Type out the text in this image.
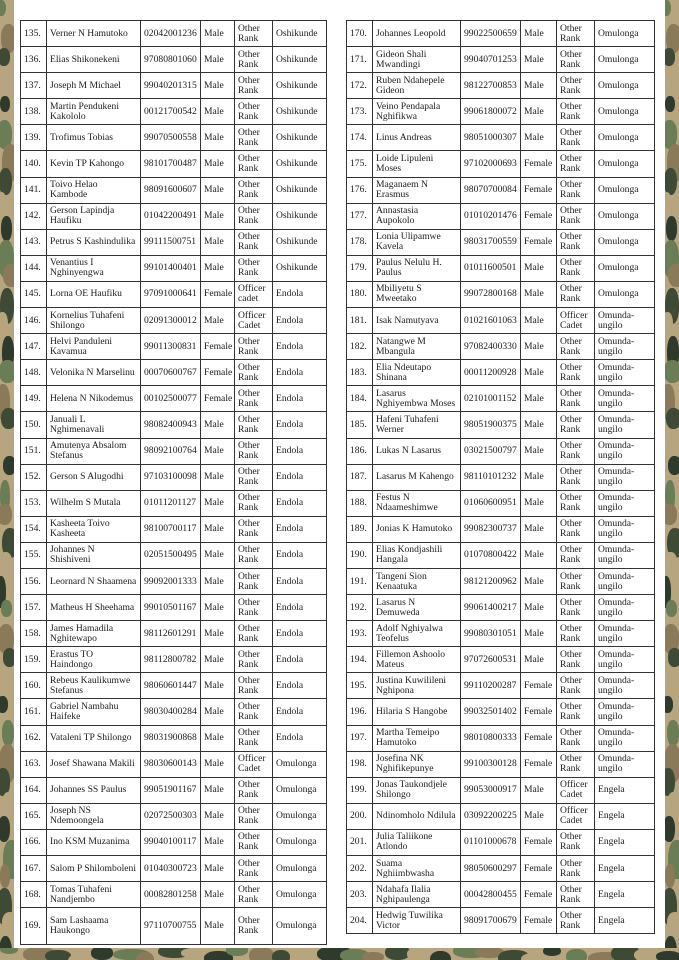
135.	Verner N Hamutoko	02042001236	Male	Other Rank	Oshikunde
136.	Elias Shikonekeni	97080801060	Male	Other Rank	Oshikunde
137.	Joseph M Michael	99040201315	Male	Other Rank	Oshikunde
138.	Martin Pendukeni Kakololo	00121700542	Male	Other Rank	Oshikunde
139.	Trofimus Tobias	99070500558	Male	Other Rank	Oshikunde
140.	Kevin TP Kahongo	98101700487	Male	Other Rank	Oshikunde
141.	Toivo Helao Kambode	98091600607	Male	Other Rank	Oshikunde
142.	Gerson Lapindja Haufiku	01042200491	Male	Other Rank	Oshikunde
143.	Petrus S Kashindulika	99111500751	Male	Other Rank	Oshikunde
144.	Venantius I Nghinyengwa	99101400401	Male	Other Rank	Oshikunde
145.	Lorna OE Haufiku	97091000641	Female	Officer cadet	Endola
146.	Kornelius Tuhafeni Shilongo	02091300012	Male	Officer Cadet	Endola
147.	Helvi Panduleni Kavamua	99011300831	Female	Other Rank	Endola
148.	Velonika N Marselinu	00070600767	Female	Other Rank	Endola
149.	Helena N Nikodemus	00102500077	Female	Other Rank	Endola
150.	Januali L Nghimenavali	98082400943	Male	Other Rank	Endola
151.	Amutenya Absalom Stefanus	98092100764	Male	Other Rank	Endola
152.	Gerson S Alugodhi	97103100098	Male	Other Rank	Endola
153.	Wilhelm S Mutala	01011201127	Male	Other Rank	Endola
154.	Kasheeta Toivo Kasheeta	98100700117	Male	Other Rank	Endola
155.	Johannes N Shishiveni	02051500495	Male	Other Rank	Endola
156.	Leornard N Shaamena	99092001333	Male	Other Rank	Endola
157.	Matheus H Sheehama	99010501167	Male	Other Rank	Endola
158.	James Hamadila Nghitewapo	98112601291	Male	Other Rank	Endola
159.	Erastus TO Haindongo	98112800782	Male	Other Rank	Endola
160.	Rebeus Kaulikumwe Stefanus	98060601447	Male	Other Rank	Endola
161.	Gabriel Nambahu Haifeke	98030400284	Male	Other Rank	Endola
162.	Vataleni TP Shilongo	98031900868	Male	Other Rank	Endola
163.	Josef Shawana Makili	98030600143	Male	Officer Cadet	Omulonga
164.	Johannes SS Paulus	99051901167	Male	Other Rank	Omulonga
165.	Joseph NS Ndemoongela	02072500303	Male	Other Rank	Omulonga
166.	Ino KSM Muzanima	99040100117	Male	Other Rank	Omulonga
167.	Salom P Shilomboleni	01040300723	Male	Other Rank	Omulonga
168.	Tomas Tuhafeni Nandjembo	00082801258	Male	Other Rank	Omulonga
169.	Sam Lashaama Haukongo	97110700755	Male	Other Rank	Omulonga
170.	Johannes Leopold	99022500659	Male	Other Rank	Omulonga
171.	Gideon Shali Mwandingi	99040701253	Male	Other Rank	Omulonga
172.	Ruben Ndahepele Gideon	98122700853	Male	Other Rank	Omulonga
173.	Veino Pendapala Nghifikwa	99061800072	Male	Other Rank	Omulonga
174.	Linus Andreas	98051000307	Male	Other Rank	Omulonga
175.	Loide Lipuleni Moses	97102000693	Female	Other Rank	Omulonga
176.	Maganaem N Erasmus	98070700084	Female	Other Rank	Omulonga
177.	Annastasia Aupokolo	01010201476	Female	Other Rank	Omulonga
178.	Lonia Ulipamwe Kavela	98031700559	Female	Other Rank	Omulonga
179.	Paulus Nelulu H. Paulus	01011600501	Male	Other Rank	Omulonga
180.	Mbiliyetu S Mweetako	99072800168	Male	Other Rank	Omulonga
181.	Isak Namutyava	01021601063	Male	Officer Cadet	Omunda-ungilo
182.	Natangwe M Mbangula	97082400330	Male	Other Rank	Omunda-ungilo
183.	Elia Ndeutapo Shinana	00011200928	Male	Other Rank	Omunda-ungilo
184.	Lasarus Nghiyembwa Moses	02101001152	Male	Other Rank	Omunda-ungilo
185.	Hafeni Tuhafeni Werner	98051900375	Male	Other Rank	Omunda-ungilo
186.	Lukas N Lasarus	03021500797	Male	Other Rank	Omunda-ungilo
187.	Lasarus M Kahengo	98110101232	Male	Other Rank	Omunda-ungilo
188.	Festus N Ndaameshimwe	01060600951	Male	Other Rank	Omunda-ungilo
189.	Jonias K Hamutoko	99082300737	Male	Other Rank	Omunda-ungilo
190.	Elias Kondjashili Hangala	01070800422	Male	Other Rank	Omunda-ungilo
191.	Tangeni Sion Kenaatuka	98121200962	Male	Other Rank	Omunda-ungilo
192.	Lasarus N Demuweda	99061400217	Male	Other Rank	Omunda-ungilo
193.	Adolf Nghiyalwa Teofelus	99080301051	Male	Other Rank	Omunda-ungilo
194.	Fillemon Ashoolo Mateus	97072600531	Male	Other Rank	Omunda-ungilo
195.	Justina Kuwilileni Nghipona	99110200287	Female	Other Rank	Omunda-ungilo
196.	Hilaria S Hangobe	99032501402	Female	Other Rank	Omunda-ungilo
197.	Martha Temeipo Hamutoko	98010800333	Female	Other Rank	Omunda-ungilo
198.	Josefina NK Nghifikepunye	99100300128	Female	Other Rank	Omunda-ungilo
199.	Jonas Taukondjele Shilongo	99053000917	Male	Officer Cadet	Engela
200.	Ndinomholo Ndilula	03092200225	Male	Officer Cadet	Engela
201.	Julia Taliikone Atlondo	01101000678	Female	Other Rank	Engela
202.	Suama Nghiimbwasha	98050600297	Female	Other Rank	Engela
203.	Ndahafa Ilalia Nghipaulenga	00042800455	Female	Other Rank	Engela
204.	Hedwig Tuwilika Victor	98091700679	Female	Other Rank	Engela
